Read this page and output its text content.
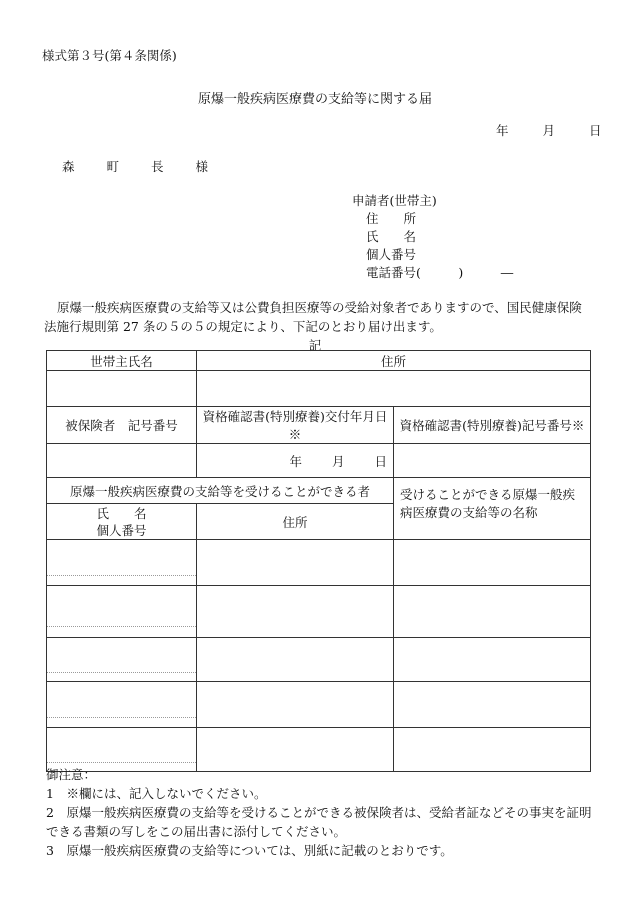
様式第３号(第４条関係)
原爆一般疾病医療費の支給等に関する届
年	月	日
森	町	長	様
申請者(世帯主)
住　　所
氏　　名
個人番号
電話番号(　　　)　　　―
原爆一般疾病医療費の支給等又は公費負担医療等の受給対象者でありますので、国民健康保険法施行規則第 27 条の５の５の規定により、下記のとおり届け出ます。
記
世帯主氏名	住所	

被保険者　記号番号	資格確認書(特別療養)交付年月日※	資格確認書(特別療養)記号番号※
	年 月 日	
原爆一般疾病医療費の支給等を受けることができる者		受けることができる原爆一般疾病医療費の支給等の名称

氏　　名
個人番号	住所	

御注意：
1　※欄には、記入しないでください。
2　原爆一般疾病医療費の支給等を受けることができる被保険者は、受給者証などその事実を証明
できる書類の写しをこの届出書に添付してください。
3　原爆一般疾病医療費の支給等については、別紙に記載のとおりです。
